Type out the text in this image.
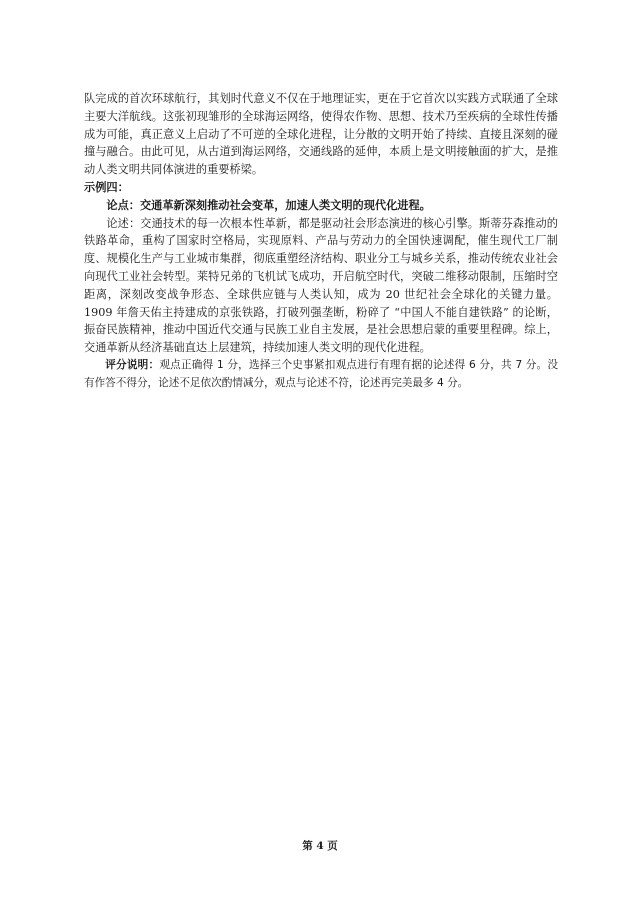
队完成的首次环球航行，其划时代意义不仅在于地理证实，更在于它首次以实践方式联通了全球主要大洋航线。这张初现雏形的全球海运网络，使得农作物、思想、技术乃至疾病的全球性传播成为可能，真正意义上启动了不可逆的全球化进程，让分散的文明开始了持续、直接且深刻的碰撞与融合。由此可见，从古道到海运网络，交通线路的延伸，本质上是文明接触面的扩大，是推动人类文明共同体演进的重要桥梁。

示例四：

论点：交通革新深刻推动社会变革，加速人类文明的现代化进程。

论述：交通技术的每一次根本性革新，都是驱动社会形态演进的核心引擎。斯蒂芬森推动的铁路革命，重构了国家时空格局，实现原料、产品与劳动力的全国快速调配，催生现代工厂制度、规模化生产与工业城市集群，彻底重塑经济结构、职业分工与城乡关系，推动传统农业社会向现代工业社会转型。莱特兄弟的飞机试飞成功，开启航空时代，突破二维移动限制，压缩时空距离，深刻改变战争形态、全球供应链与人类认知，成为 20 世纪社会全球化的关键力量。1909 年詹天佑主持建成的京张铁路，打破列强垄断，粉碎了 “中国人不能自建铁路” 的论断，振奋民族精神，推动中国近代交通与民族工业自主发展，是社会思想启蒙的重要里程碑。综上，交通革新从经济基础直达上层建筑，持续加速人类文明的现代化进程。

评分说明：观点正确得 1 分，选择三个史事紧扣观点进行有理有据的论述得 6 分，共 7 分。没有作答不得分，论述不足依次酌情减分，观点与论述不符，论述再完美最多 4 分。

第 4 页
